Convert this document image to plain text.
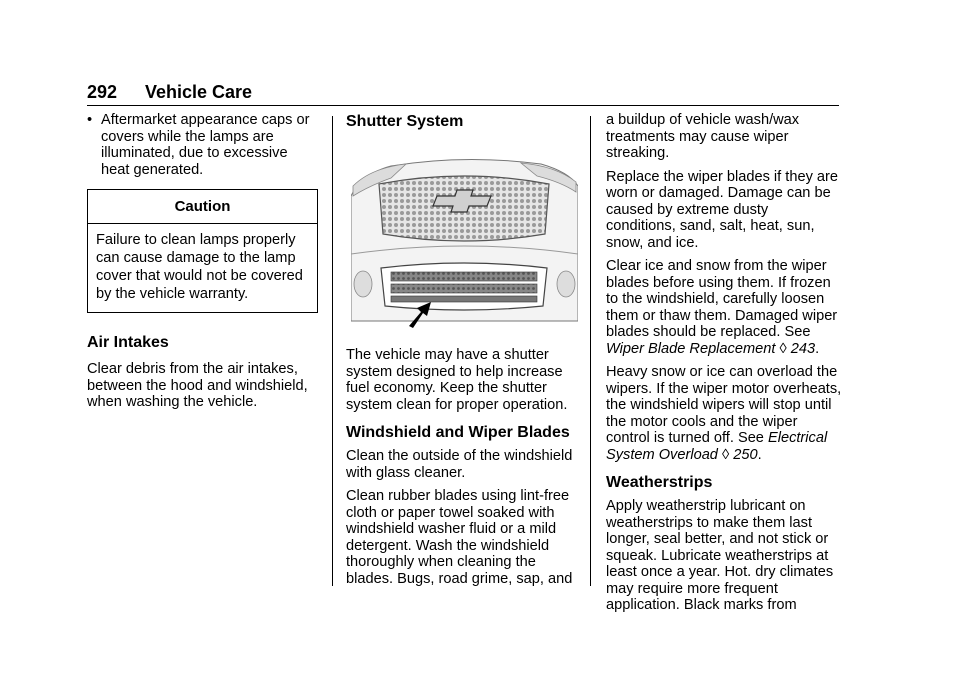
292 Vehicle Care
• Aftermarket appearance caps or covers while the lamps are illuminated, due to excessive heat generated.
Caution
Failure to clean lamps properly can cause damage to the lamp cover that would not be covered by the vehicle warranty.
Air Intakes

Clear debris from the air intakes, between the hood and windshield, when washing the vehicle.

Shutter System

The vehicle may have a shutter system designed to help increase fuel economy. Keep the shutter system clean for proper operation.

Windshield and Wiper Blades

Clean the outside of the windshield with glass cleaner.

Clean rubber blades using lint-free cloth or paper towel soaked with windshield washer fluid or a mild detergent. Wash the windshield thoroughly when cleaning the blades. Bugs, road grime, sap, and

a buildup of vehicle wash/wax treatments may cause wiper streaking.

Replace the wiper blades if they are worn or damaged. Damage can be caused by extreme dusty conditions, sand, salt, heat, sun, snow, and ice.

Clear ice and snow from the wiper blades before using them. If frozen to the windshield, carefully loosen them or thaw them. Damaged wiper blades should be replaced. See Wiper Blade Replacement ◊ 243.

Heavy snow or ice can overload the wipers. If the wiper motor overheats, the windshield wipers will stop until the motor cools and the wiper control is turned off. See Electrical System Overload ◊ 250.

Weatherstrips

Apply weatherstrip lubricant on weatherstrips to make them last longer, seal better, and not stick or squeak. Lubricate weatherstrips at least once a year. Hot. dry climates may require more frequent application. Black marks from
